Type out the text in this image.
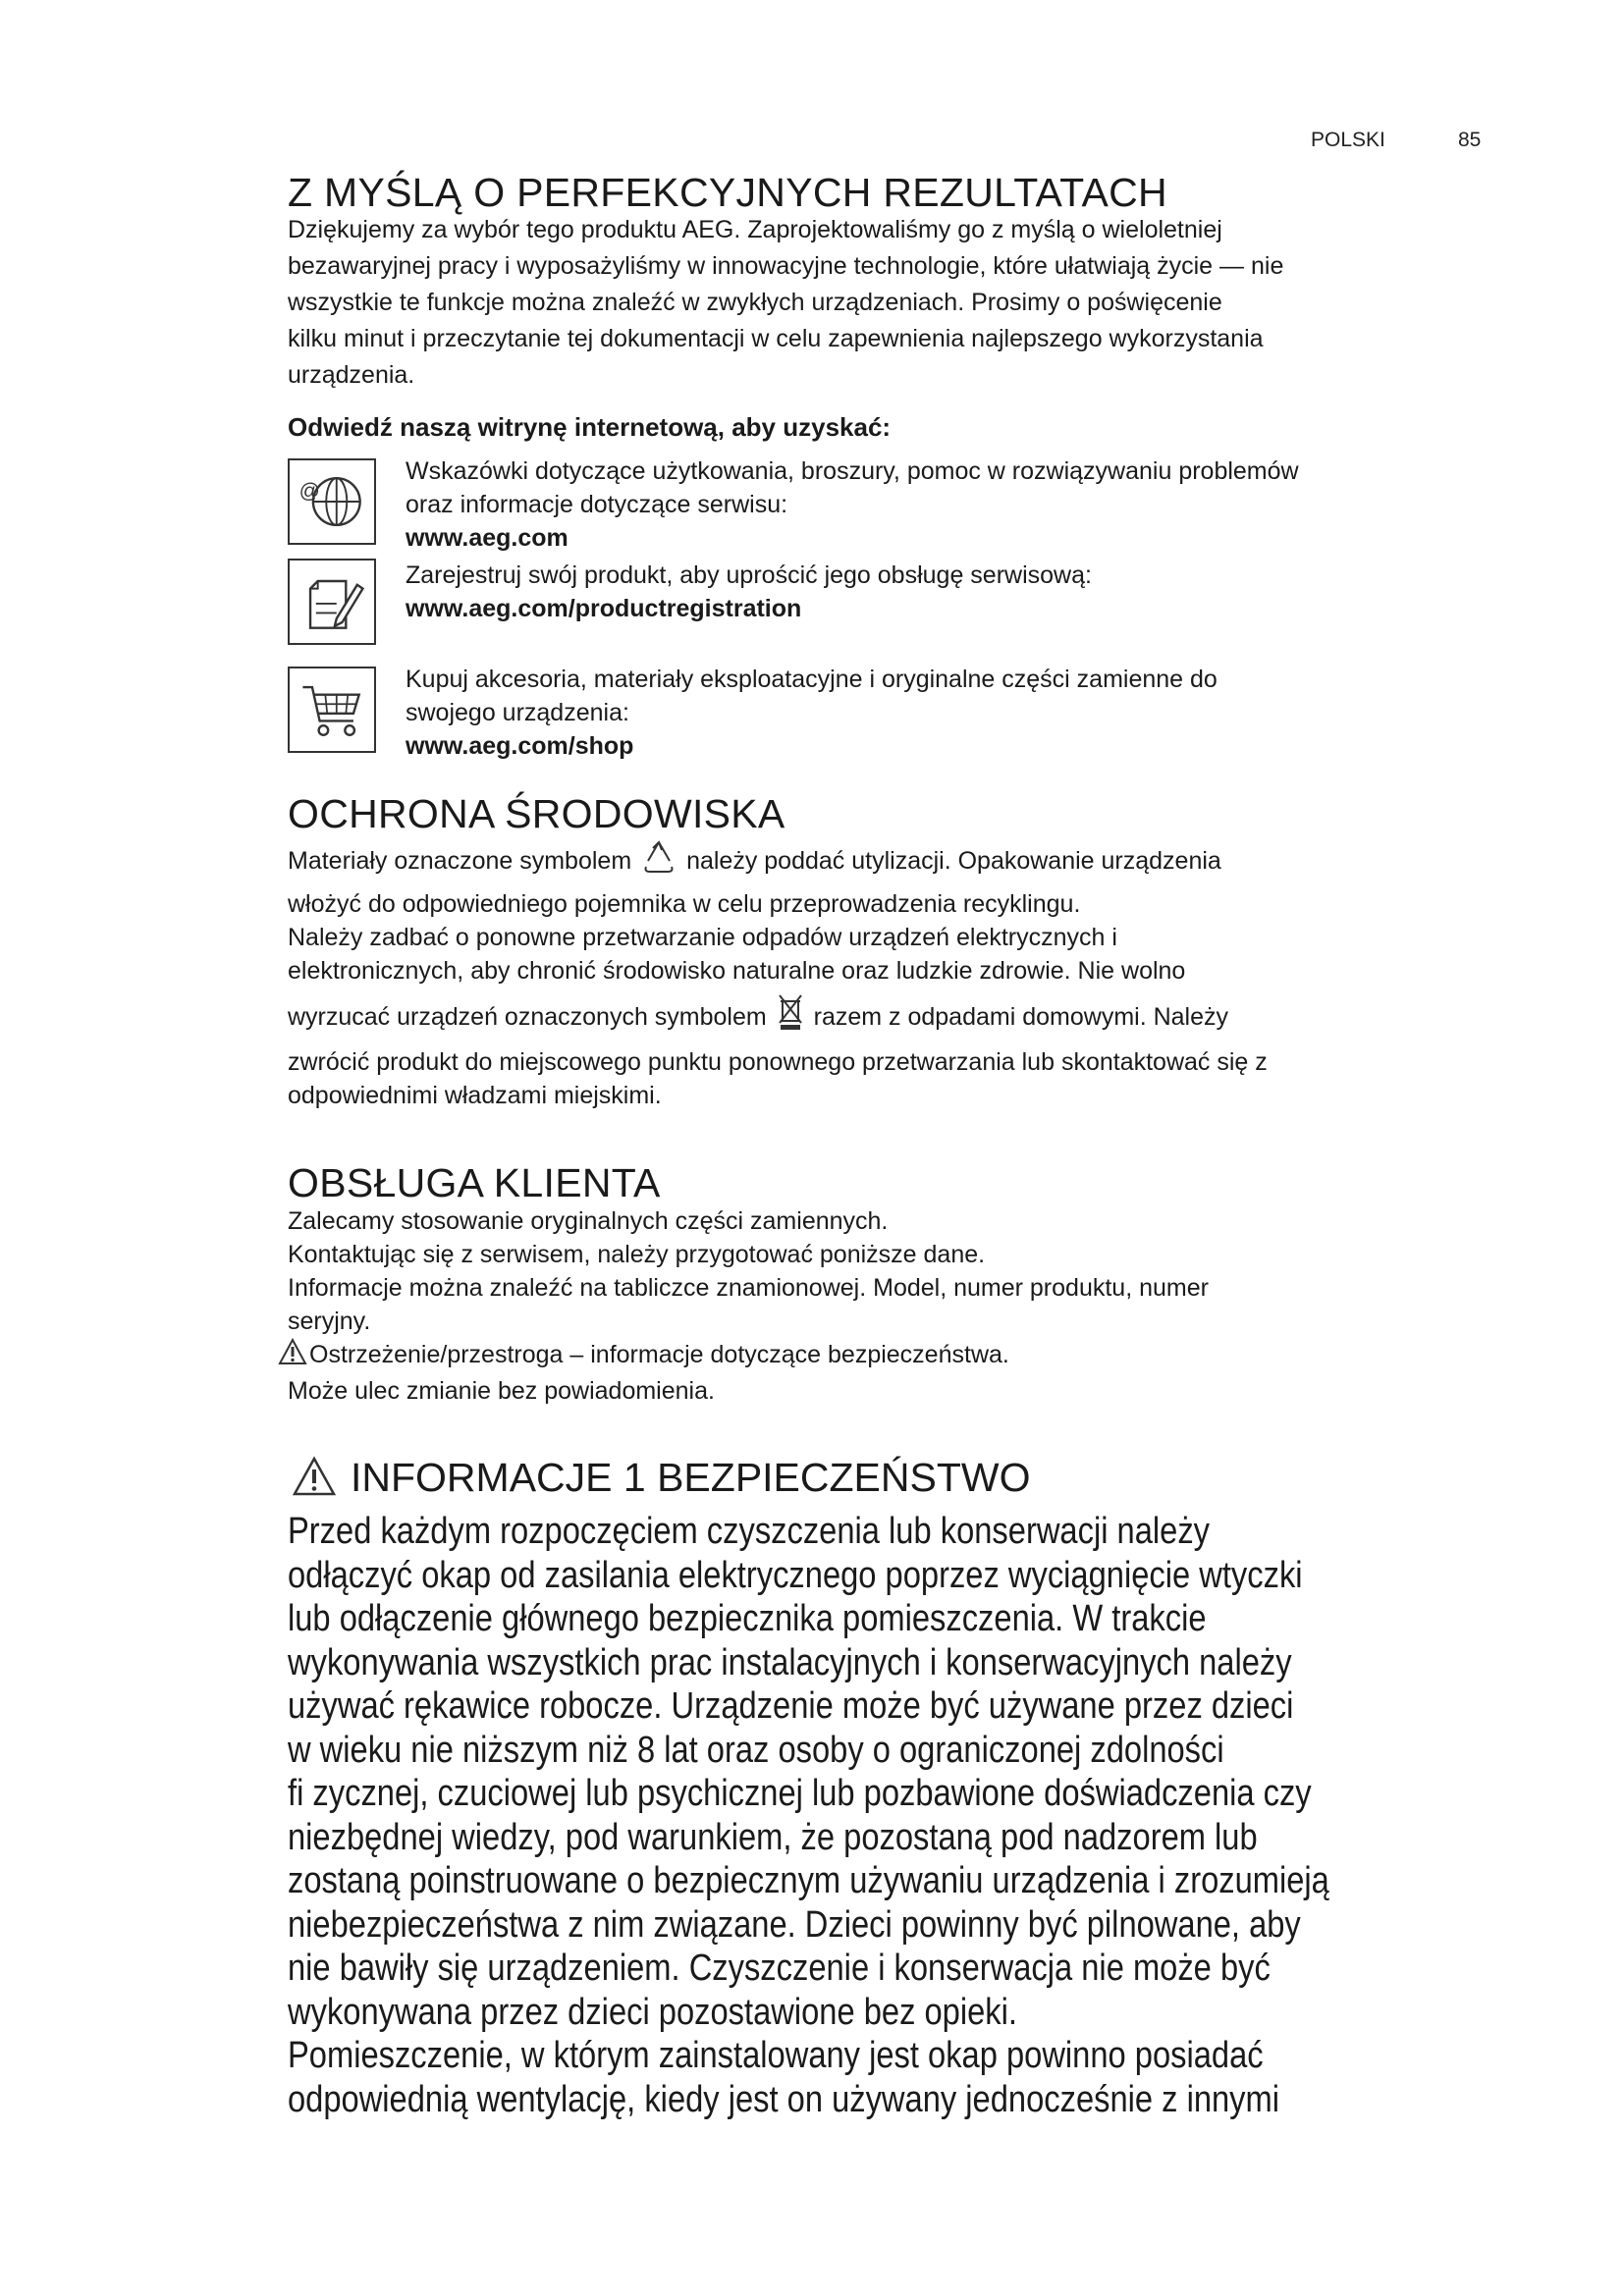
POLSKI	85
Z MYŚLĄ O PERFEKCYJNYCH REZULTATACH

Dziękujemy za wybór tego produktu AEG. Zaprojektowaliśmy go z myślą o wieloletniej

bezawaryjnej pracy i wyposażyliśmy w innowacyjne technologie, które ułatwiają życie — nie

wszystkie te funkcje można znaleźć w zwykłych urządzeniach. Prosimy o poświęcenie

kilku minut i przeczytanie tej dokumentacji w celu zapewnienia najlepszego wykorzystania

urządzenia.

Odwiedź naszą witrynę internetową, aby uzyskać:

@
Wskazówki dotyczące użytkowania, broszury, pomoc w rozwiązywaniu problemów
oraz informacje dotyczące serwisu:
www.aeg.com
Zarejestruj swój produkt, aby uprościć jego obsługę serwisową:
www.aeg.com/productregistration
Kupuj akcesoria, materiały eksploatacyjne i oryginalne części zamienne do
swojego urządzenia:
www.aeg.com/shop
OCHRONA ŚRODOWISKA

Materiały oznaczone symbolem należy poddać utylizacji. Opakowanie urządzenia

włożyć do odpowiedniego pojemnika w celu przeprowadzenia recyklingu.

Należy zadbać o ponowne przetwarzanie odpadów urządzeń elektrycznych i

elektronicznych, aby chronić środowisko naturalne oraz ludzkie zdrowie. Nie wolno

wyrzucać urządzeń oznaczonych symbolem razem z odpadami domowymi. Należy

zwrócić produkt do miejscowego punktu ponownego przetwarzania lub skontaktować się z

odpowiednimi władzami miejskimi.

OBSŁUGA KLIENTA

Zalecamy stosowanie oryginalnych części zamiennych.

Kontaktując się z serwisem, należy przygotować poniższe dane.

Informacje można znaleźć na tabliczce znamionowej. Model, numer produktu, numer

seryjny.

Ostrzeżenie/przestroga – informacje dotyczące bezpieczeństwa.

Może ulec zmianie bez powiadomienia.

INFORMACJE 1 BEZPIECZEŃSTWO

Przed każdym rozpoczęciem czyszczenia lub konserwacji należy

odłączyć okap od zasilania elektrycznego poprzez wyciągnięcie wtyczki

lub odłączenie głównego bezpiecznika pomieszczenia. W trakcie

wykonywania wszystkich prac instalacyjnych i konserwacyjnych należy

używać rękawice robocze. Urządzenie może być używane przez dzieci

w wieku nie niższym niż 8 lat oraz osoby o ograniczonej zdolności

fi zycznej, czuciowej lub psychicznej lub pozbawione doświadczenia czy

niezbędnej wiedzy, pod warunkiem, że pozostaną pod nadzorem lub

zostaną poinstruowane o bezpiecznym używaniu urządzenia i zrozumieją

niebezpieczeństwa z nim związane. Dzieci powinny być pilnowane, aby

nie bawiły się urządzeniem. Czyszczenie i konserwacja nie może być

wykonywana przez dzieci pozostawione bez opieki.

Pomieszczenie, w którym zainstalowany jest okap powinno posiadać

odpowiednią wentylację, kiedy jest on używany jednocześnie z innymi
